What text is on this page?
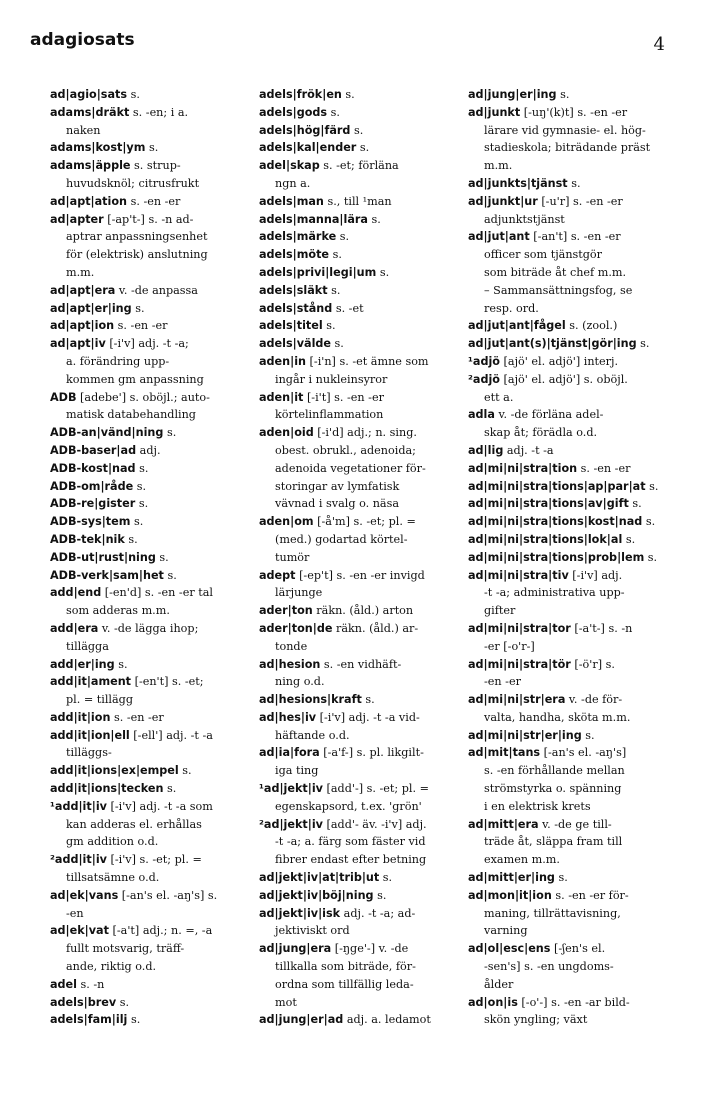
adagiosats	4
ad|agio|sats s.
adams|dräkt s. -en; i a.
naken
adams|kost|ym s.
adams|äpple s. strup-
huvudsknöl; citrusfrukt
ad|apt|ation s. -en -er
ad|apter [-ap't-] s. -n ad-
aptrar anpassningsenhet
för (elektrisk) anslutning
m.m.
ad|apt|era v. -de anpassa
ad|apt|er|ing s.
ad|apt|ion s. -en -er
ad|apt|iv [-i'v] adj. -t -a;
a. förändring upp-
kommen gm anpassning
ADB [adebe'] s. oböjl.; auto-
matisk databehandling
ADB-an|vänd|ning s.
ADB-baser|ad adj.
ADB-kost|nad s.
ADB-om|råde s.
ADB-re|gister s.
ADB-sys|tem s.
ADB-tek|nik s.
ADB-ut|rust|ning s.
ADB-verk|sam|het s.
add|end [-en'd] s. -en -er tal
som adderas m.m.
add|era v. -de lägga ihop;
tillägga
add|er|ing s.
add|it|ament [-en't] s. -et;
pl. = tillägg
add|it|ion s. -en -er
add|it|ion|ell [-ell'] adj. -t -a
tilläggs-
add|it|ions|ex|empel s.
add|it|ions|tecken s.
¹add|it|iv [-i'v] adj. -t -a som
kan adderas el. erhållas
gm addition o.d.
²add|it|iv [-i'v] s. -et; pl. =
tillsatsämne o.d.
ad|ek|vans [-an's el. -aŋ's] s.
-en
ad|ek|vat [-a't] adj.; n. =, -a
fullt motsvarig, träff-
ande, riktig o.d.
adel s. -n
adels|brev s.
adels|fam|ilj s.
adels|frök|en s.
adels|gods s.
adels|hög|färd s.
adels|kal|ender s.
adel|skap s. -et; förläna
ngn a.
adels|man s., till ¹man
adels|manna|lära s.
adels|märke s.
adels|möte s.
adels|privi|legi|um s.
adels|släkt s.
adels|stånd s. -et
adels|titel s.
adels|välde s.
aden|in [-i'n] s. -et ämne som
ingår i nukleinsyror
aden|it [-i't] s. -en -er
körtelinflammation
aden|oid [-i'd] adj.; n. sing.
obest. obrukl., adenoida;
adenoida vegetationer för-
storingar av lymfatisk
vävnad i svalg o. näsa
aden|om [-å'm] s. -et; pl. =
(med.) godartad körtel-
tumör
adept [-ep't] s. -en -er invigd
lärjunge
ader|ton räkn. (åld.) arton
ader|ton|de räkn. (åld.) ar-
tonde
ad|hesion s. -en vidhäft-
ning o.d.
ad|hesions|kraft s.
ad|hes|iv [-i'v] adj. -t -a vid-
häftande o.d.
ad|ia|fora [-a'f-] s. pl. likgilt-
iga ting
¹ad|jekt|iv [add'-] s. -et; pl. =
egenskapsord, t.ex. 'grön'
²ad|jekt|iv [add'- äv. -i'v] adj.
-t -a; a. färg som fäster vid
fibrer endast efter betning
ad|jekt|iv|at|trib|ut s.
ad|jekt|iv|böj|ning s.
ad|jekt|iv|isk adj. -t -a; ad-
jektiviskt ord
ad|jung|era [-ŋge'-] v. -de
tillkalla som biträde, för-
ordna som tillfällig leda-
mot
ad|jung|er|ad adj. a. ledamot
ad|jung|er|ing s.
ad|junkt [-uŋ'(k)t] s. -en -er
lärare vid gymnasie- el. hög-
stadieskola; biträdande präst
m.m.
ad|junkts|tjänst s.
ad|junkt|ur [-u'r] s. -en -er
adjunktstjänst
ad|jut|ant [-an't] s. -en -er
officer som tjänstgör
som biträde åt chef m.m.
– Sammansättningsfog, se
resp. ord.
ad|jut|ant|fågel s. (zool.)
ad|jut|ant(s)|tjänst|gör|ing s.
¹adjö [ajö' el. adjö'] interj.
²adjö [ajö' el. adjö'] s. oböjl.
ett a.
adla v. -de förläna adel-
skap åt; förädla o.d.
ad|lig adj. -t -a
ad|mi|ni|stra|tion s. -en -er
ad|mi|ni|stra|tions|ap|par|at s.
ad|mi|ni|stra|tions|av|gift s.
ad|mi|ni|stra|tions|kost|nad s.
ad|mi|ni|stra|tions|lok|al s.
ad|mi|ni|stra|tions|prob|lem s.
ad|mi|ni|stra|tiv [-i'v] adj.
-t -a; administrativa upp-
gifter
ad|mi|ni|stra|tor [-a't-] s. -n
-er [-o'r-]
ad|mi|ni|stra|tör [-ö'r] s.
-en -er
ad|mi|ni|str|era v. -de för-
valta, handha, sköta m.m.
ad|mi|ni|str|er|ing s.
ad|mit|tans [-an's el. -aŋ's]
s. -en förhållande mellan
strömstyrka o. spänning
i en elektrisk krets
ad|mitt|era v. -de ge till-
träde åt, släppa fram till
examen m.m.
ad|mitt|er|ing s.
ad|mon|it|ion s. -en -er för-
maning, tillrättavisning,
varning
ad|ol|esc|ens [-ʃen's el.
-sen's] s. -en ungdoms-
ålder
ad|on|is [-o'-] s. -en -ar bild-
skön yngling; växt
